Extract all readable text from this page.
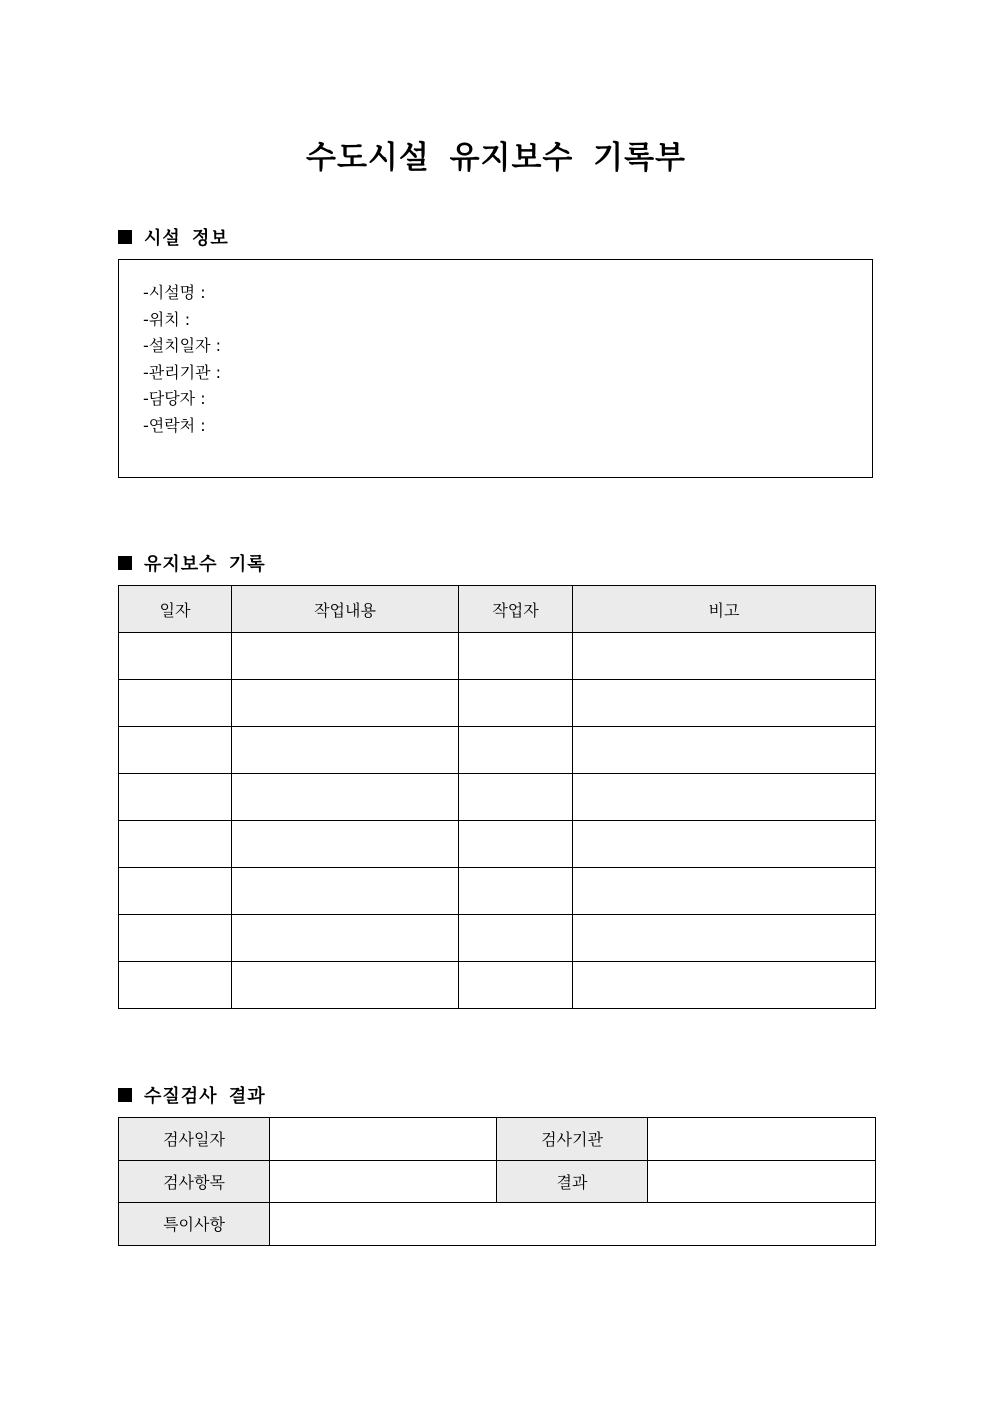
수도시설 유지보수 기록부
시설 정보
-시설명 :
-위치 :
-설치일자 :
-관리기관 :
-담당자 :
-연락처 :
유지보수 기록
일자	작업내용	작업자	비고

수질검사 결과
검사일자		검사기관	
검사항목		결과	
특이사항			
